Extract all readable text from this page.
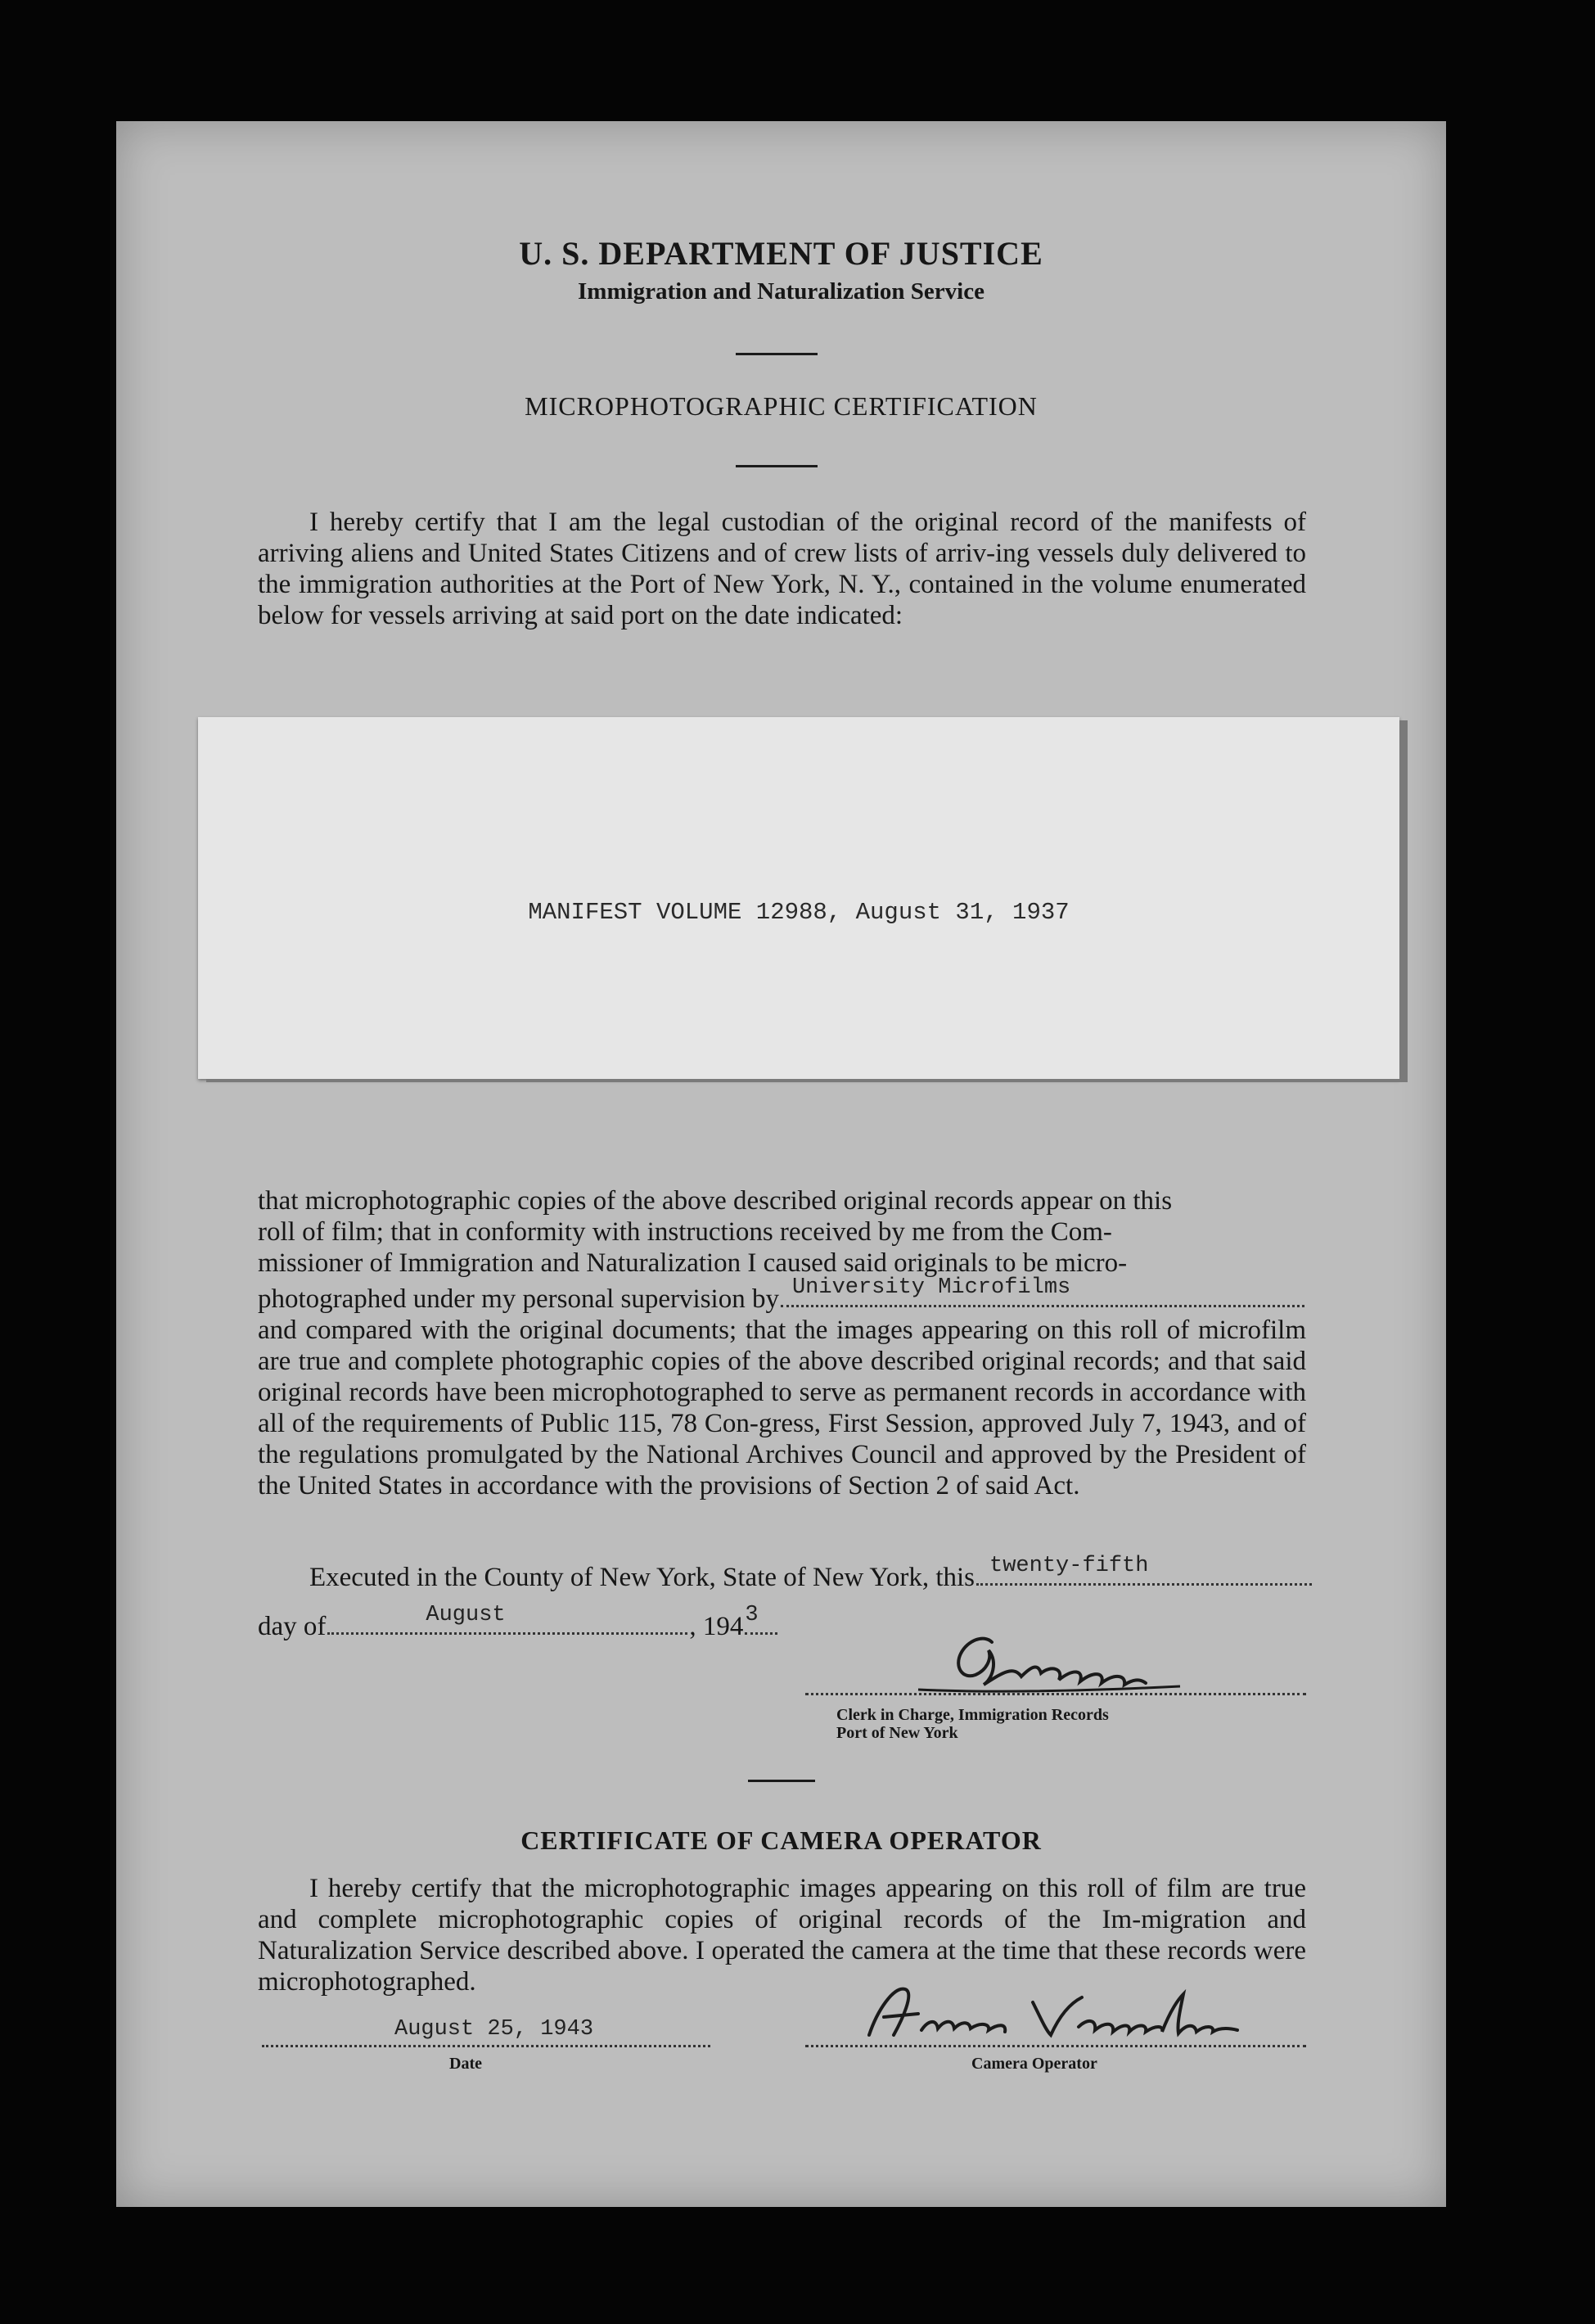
U. S. DEPARTMENT OF JUSTICE
Immigration and Naturalization Service
MICROPHOTOGRAPHIC CERTIFICATION
I hereby certify that I am the legal custodian of the original record of the manifests of arriving aliens and United States Citizens and of crew lists of arriv-ing vessels duly delivered to the immigration authorities at the Port of New York, N. Y., contained in the volume enumerated below for vessels arriving at said port on the date indicated:
MANIFEST VOLUME 12988, August 31, 1937
that microphotographic copies of the above described original records appear on this
roll of film; that in conformity with instructions received by me from the Com-
missioner of Immigration and Naturalization I caused said originals to be micro-
photographed under my personal supervision by University Microfilms
and compared with the original documents; that the images appearing on this roll of microfilm are true and complete photographic copies of the above described original records; and that said original records have been microphotographed to serve as permanent records in accordance with all of the requirements of Public 115, 78 Con-gress, First Session, approved July 7, 1943, and of the regulations promulgated by the National Archives Council and approved by the President of the United States in accordance with the provisions of Section 2 of said Act.
Executed in the County of New York, State of New York, this twenty-fifth
day of	August	, 194 3
Clerk in Charge, Immigration Records
Port of New York
CERTIFICATE OF CAMERA OPERATOR
I hereby certify that the microphotographic images appearing on this roll of film are true and complete microphotographic copies of original records of the Im-migration and Naturalization Service described above. I operated the camera at the time that these records were microphotographed.
August 25, 1943
Date	Camera Operator
